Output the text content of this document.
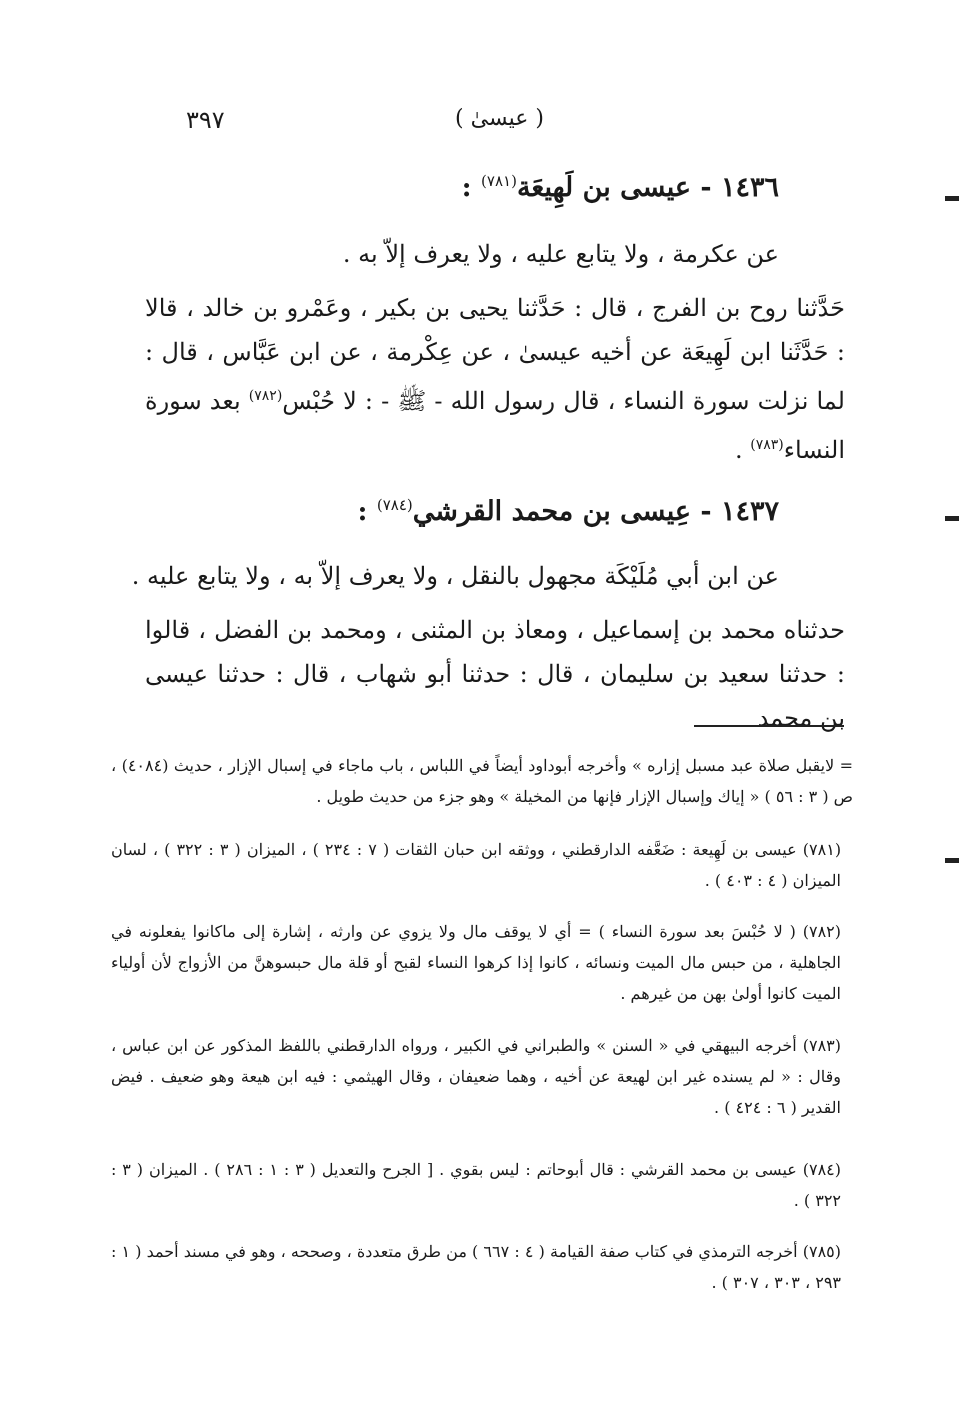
٣٩٧	( عيسىٰ )
١٤٣٦ - عيسى بن لَهِيعَة$^{(٧٨١)}$ :
عن عكرمة ، ولا يتابع عليه ، ولا يعرف إلاّ به .
حَدَّثنا روح بن الفرج ، قال : حَدَّثنا يحيى بن بكير ، وعَمْرو بن خالد ، قالا : حَدَّثَنا ابن لَهِيعَة عن أخيه عيسىٰ ، عن عِكْرمة ، عن ابن عَبَّاس ، قال : لما نزلت سورة النساء ، قال رسول الله - ﷺ - : لا حُبْس$^{(٧٨٢)}$ بعد سورة النساء$^{(٧٨٣)}$ .
١٤٣٧ - عِيسى بن محمد القرشي$^{(٧٨٤)}$ :
عن ابن أبي مُلَيْكَة مجهول بالنقل ، ولا يعرف إلاّ به ، ولا يتابع عليه .
حدثناه محمد بن إسماعيل ، ومعاذ بن المثنى ، ومحمد بن الفضل ، قالوا : حدثنا سعيد بن سليمان ، قال : حدثنا أبو شهاب ، قال : حدثنا عيسى بن محمد
= لايقبل صلاة عبد مسبل إزاره » وأخرجه أبوداود أيضاً في اللباس ، باب ماجاء في إسبال الإزار ، حديث (٤٠٨٤) ، ص ( ٣ : ٥٦ ) « إياك وإسبال الإزار فإنها من المخيلة » وهو جزء من حديث طويل .
(٧٨١) عيسى بن لَهِيعة : ضَعَّفه الدارقطني ، ووثقه ابن حبان الثقات ( ٧ : ٢٣٤ ) ، الميزان ( ٣ : ٣٢٢ ) ، لسان الميزان ( ٤ : ٤٠٣ ) .
(٧٨٢) ( لا حُبْسَ بعد سورة النساء ) = أي لا يوقف مال ولا يزوي عن وارثه ، إشارة إلى ماكانوا يفعلونه في الجاهلية ، من حبس مال الميت ونسائه ، كانوا إذا كرهوا النساء لقبح أو قلة مال حبسوهنَّ من الأزواج لأن أولياء الميت كانوا أولىٰ بهن من غيرهم .
(٧٨٣) أخرجه البيهقي في « السنن » والطبراني في الكبير ، ورواه الدارقطني باللفظ المذكور عن ابن عباس ، وقال : « لم يسنده غير ابن لهيعة عن أخيه ، وهما ضعيفان ، وقال الهيثمي : فيه ابن هيعة وهو ضعيف . فيض القدير ( ٦ : ٤٢٤ ) .
(٧٨٤) عيسى بن محمد القرشي : قال أبوحاتم : ليس بقوي . [ الجرح والتعديل ( ٣ : ١ : ٢٨٦ ) . الميزان ( ٣ : ٣٢٢ ) .
(٧٨٥) أخرجه الترمذي في كتاب صفة القيامة ( ٤ : ٦٦٧ ) من طرق متعددة ، وصححه ، وهو في مسند أحمد ( ١ : ٢٩٣ ، ٣٠٣ ، ٣٠٧ ) .
